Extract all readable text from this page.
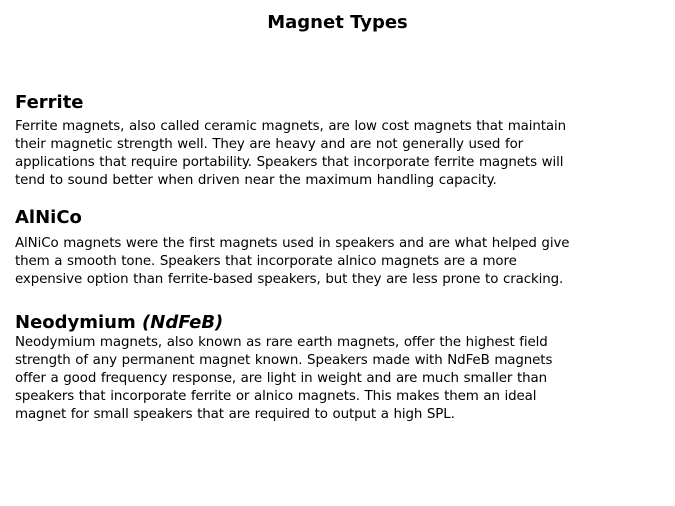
Magnet Types
Ferrite
Ferrite magnets, also called ceramic magnets, are low cost magnets that maintain
their magnetic strength well. They are heavy and are not generally used for
applications that require portability. Speakers that incorporate ferrite magnets will
tend to sound better when driven near the maximum handling capacity.
AlNiCo
AlNiCo magnets were the first magnets used in speakers and are what helped give
them a smooth tone. Speakers that incorporate alnico magnets are a more
expensive option than ferrite-based speakers, but they are less prone to cracking.
Neodymium (NdFeB)
Neodymium magnets, also known as rare earth magnets, offer the highest field
strength of any permanent magnet known. Speakers made with NdFeB magnets
offer a good frequency response, are light in weight and are much smaller than
speakers that incorporate ferrite or alnico magnets. This makes them an ideal
magnet for small speakers that are required to output a high SPL.
